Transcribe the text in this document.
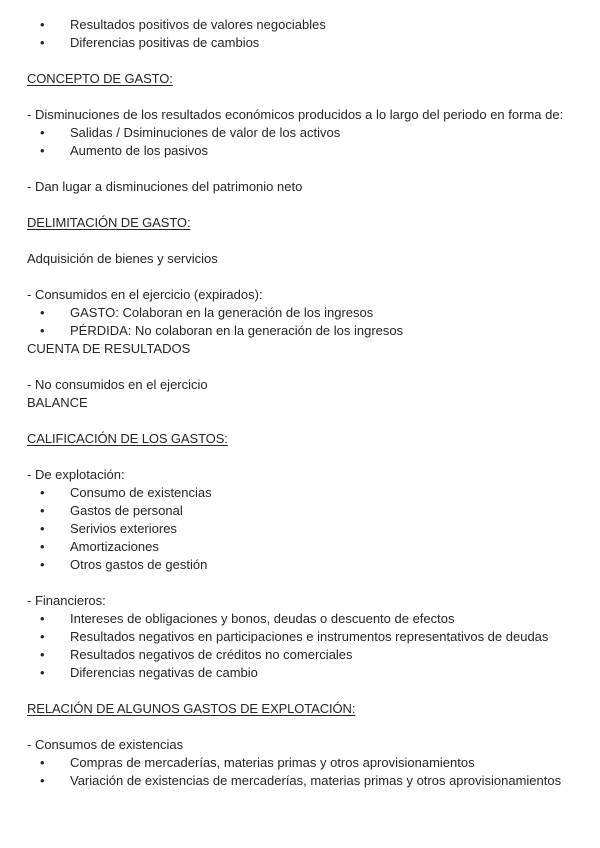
• Resultados positivos de valores negociables
• Diferencias positivas de cambios
CONCEPTO DE GASTO:
- Disminuciones de los resultados económicos producidos a lo largo del periodo en forma de:
• Salidas / Dsiminuciones de valor de los activos
• Aumento de los pasivos
- Dan lugar a disminuciones del patrimonio neto
DELIMITACIÓN DE GASTO:
Adquisición de bienes y servicios
- Consumidos en el ejercicio (expirados):
• GASTO: Colaboran en la generación de los ingresos
• PÉRDIDA: No colaboran en la generación de los ingresos
CUENTA DE RESULTADOS
- No consumidos en el ejercicio
BALANCE
CALIFICACIÓN DE LOS GASTOS:
- De explotación:
• Consumo de existencias
• Gastos de personal
• Serivios exteriores
• Amortizaciones
• Otros gastos de gestión
- Financieros:
• Intereses de obligaciones y bonos, deudas o descuento de efectos
• Resultados negativos en participaciones e instrumentos representativos de deudas
• Resultados negativos de créditos no comerciales
• Diferencias negativas de cambio
RELACIÓN DE ALGUNOS GASTOS DE EXPLOTACIÓN:
- Consumos de existencias
• Compras de mercaderías, materias primas y otros aprovisionamientos
• Variación de existencias de mercaderías, materias primas y otros aprovisionamientos
